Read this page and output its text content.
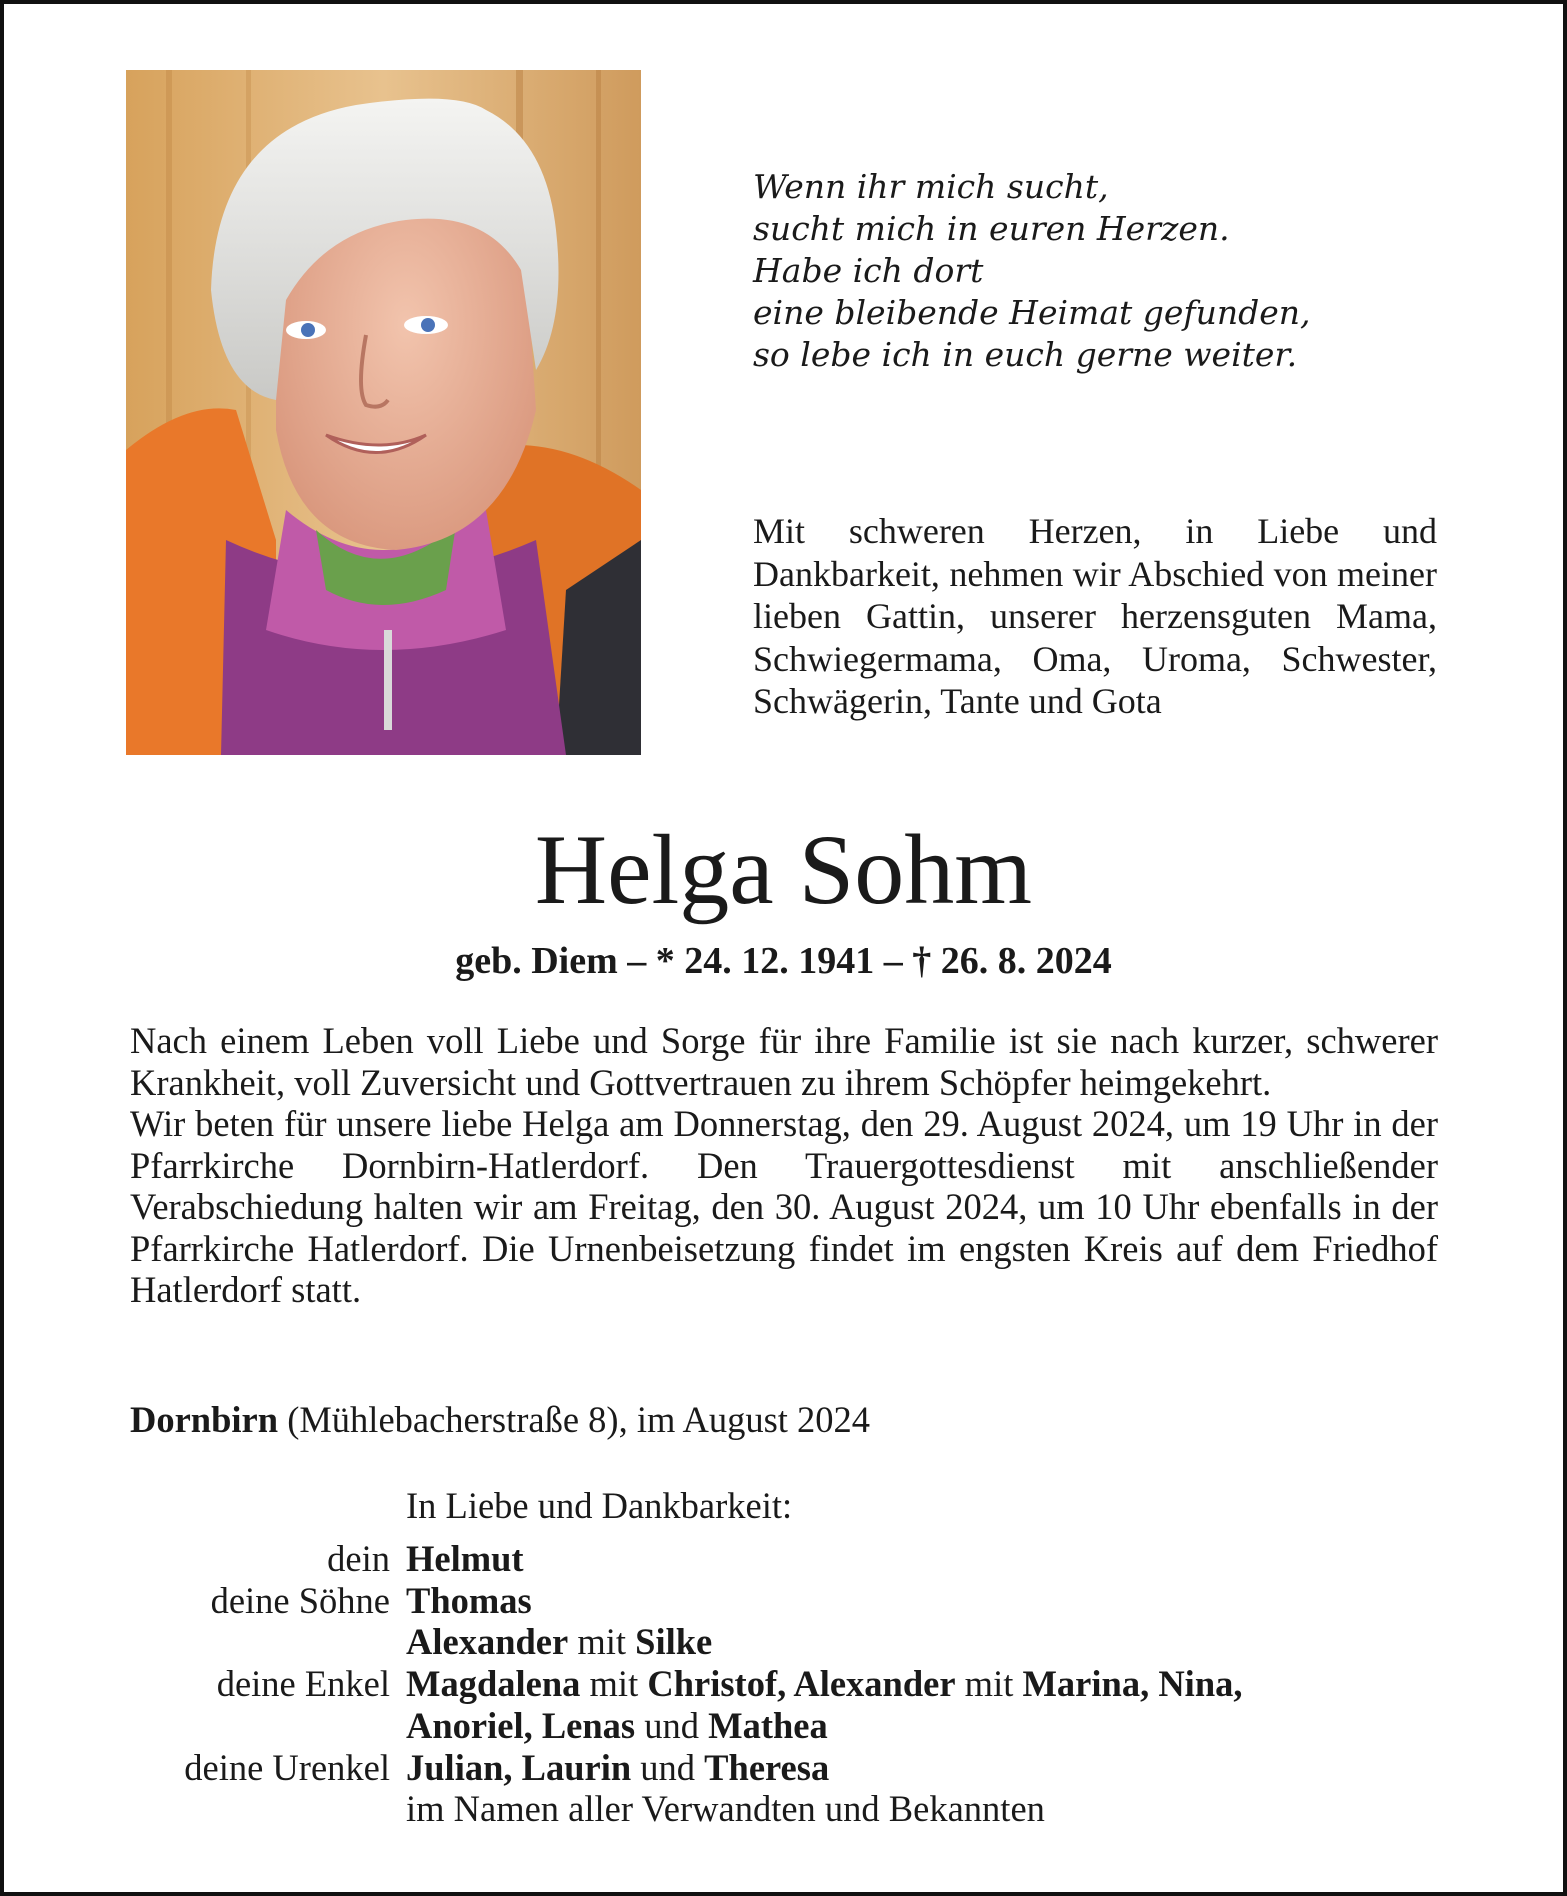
Wenn ihr mich sucht,
sucht mich in euren Herzen.
Habe ich dort
eine bleibende Heimat gefunden,
so lebe ich in euch gerne weiter.
Mit schweren Herzen, in Liebe und Dankbarkeit, nehmen wir Abschied von meiner lieben Gattin, unserer herzensguten Mama, Schwiegermama, Oma, Uroma, Schwester, Schwägerin, Tante und Gota
Helga Sohm
geb. Diem – * 24. 12. 1941 – † 26. 8. 2024

Nach einem Leben voll Liebe und Sorge für ihre Familie ist sie nach kurzer, schwerer Krankheit, voll Zuversicht und Gottvertrauen zu ihrem Schöpfer heimgekehrt.

Wir beten für unsere liebe Helga am Donnerstag, den 29. August 2024, um 19 Uhr in der Pfarrkirche Dornbirn-Hatlerdorf. Den Trauergottesdienst mit anschließender Verabschiedung halten wir am Freitag, den 30. August 2024, um 10 Uhr ebenfalls in der Pfarrkirche Hatlerdorf. Die Urnenbeisetzung findet im engsten Kreis auf dem Friedhof Hatlerdorf statt.

Dornbirn (Mühlebacherstraße 8), im August 2024
In Liebe und Dankbarkeit:
dein Helmut
deine Söhne Thomas
Alexander mit Silke
deine Enkel Magdalena mit Christof, Alexander mit Marina, Nina,
Anoriel, Lenas und Mathea
deine Urenkel Julian, Laurin und Theresa
im Namen aller Verwandten und Bekannten
